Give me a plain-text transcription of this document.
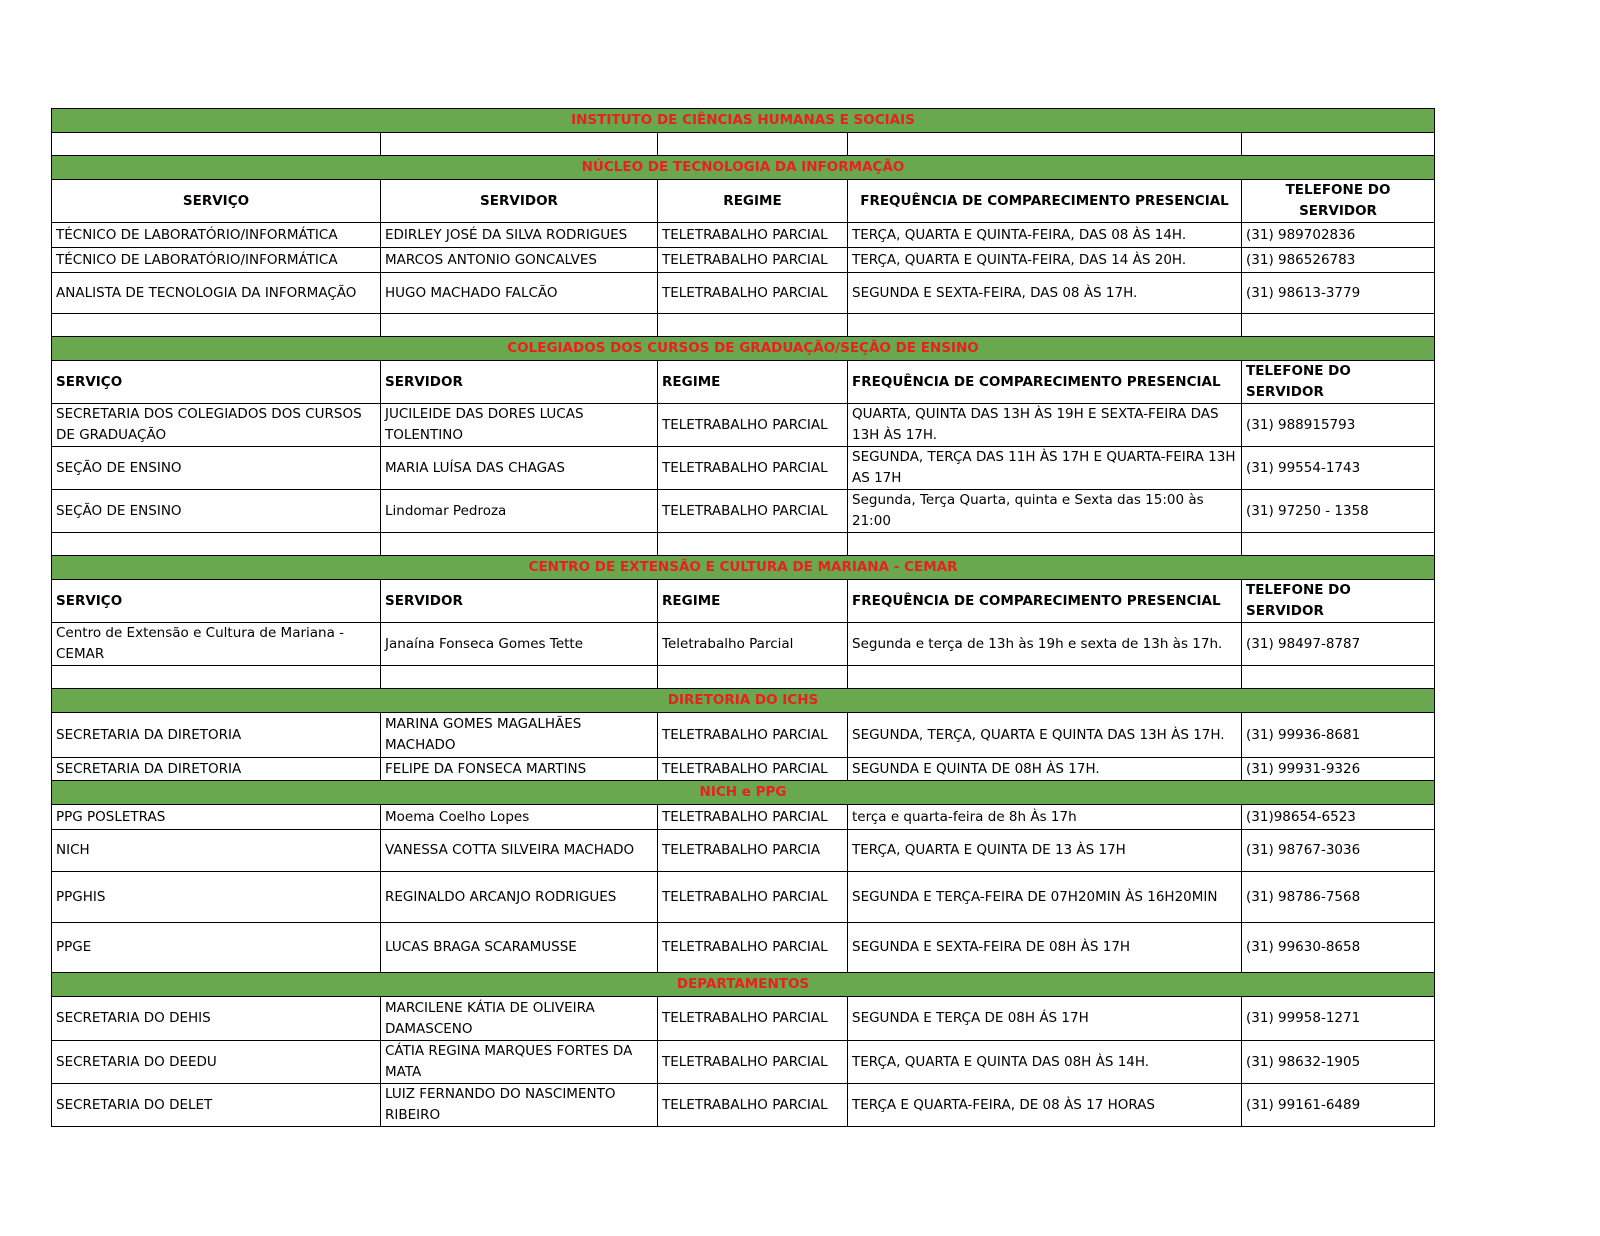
INSTITUTO DE CIÊNCIAS HUMANAS E SOCIAIS				

NÚCLEO DE TECNOLOGIA DA INFORMAÇÃO				
SERVIÇO	SERVIDOR	REGIME	FREQUÊNCIA DE COMPARECIMENTO PRESENCIAL	TELEFONE DO SERVIDOR
TÉCNICO DE LABORATÓRIO/INFORMÁTICA	EDIRLEY JOSÉ DA SILVA RODRIGUES	TELETRABALHO PARCIAL	TERÇA, QUARTA E QUINTA-FEIRA, DAS 08 ÀS 14H.	(31) 989702836
TÉCNICO DE LABORATÓRIO/INFORMÁTICA	MARCOS ANTONIO GONCALVES	TELETRABALHO PARCIAL	TERÇA, QUARTA E QUINTA-FEIRA, DAS 14 ÀS 20H.	(31) 986526783
ANALISTA DE TECNOLOGIA DA INFORMAÇÃO	HUGO MACHADO FALCÃO	TELETRABALHO PARCIAL	SEGUNDA E SEXTA-FEIRA, DAS 08 ÀS 17H.	(31) 98613-3779

COLEGIADOS DOS CURSOS DE GRADUAÇÃO/SEÇÃO DE ENSINO				
SERVIÇO	SERVIDOR	REGIME	FREQUÊNCIA DE COMPARECIMENTO PRESENCIAL	TELEFONE DO SERVIDOR
SECRETARIA DOS COLEGIADOS DOS CURSOS DE GRADUAÇÃO	JUCILEIDE DAS DORES LUCAS TOLENTINO	TELETRABALHO PARCIAL	QUARTA, QUINTA DAS 13H ÀS 19H E SEXTA-FEIRA DAS 13H ÀS 17H.	(31) 988915793
SEÇÃO DE ENSINO	MARIA LUÍSA DAS CHAGAS	TELETRABALHO PARCIAL	SEGUNDA, TERÇA DAS 11H ÀS 17H E QUARTA-FEIRA 13H AS 17H	(31) 99554-1743
SEÇÃO DE ENSINO	Lindomar Pedroza	TELETRABALHO PARCIAL	Segunda, Terça Quarta, quinta e Sexta das 15:00 às 21:00	(31) 97250 - 1358

CENTRO DE EXTENSÃO E CULTURA DE MARIANA - CEMAR				
SERVIÇO	SERVIDOR	REGIME	FREQUÊNCIA DE COMPARECIMENTO PRESENCIAL	TELEFONE DO SERVIDOR
Centro de Extensão e Cultura de Mariana - CEMAR	Janaína Fonseca Gomes Tette	Teletrabalho Parcial	Segunda e terça de 13h às 19h e sexta de 13h às 17h.	(31) 98497-8787

DIRETORIA DO ICHS				
SECRETARIA DA DIRETORIA	MARINA GOMES MAGALHÃES MACHADO	TELETRABALHO PARCIAL	SEGUNDA, TERÇA, QUARTA E QUINTA DAS 13H ÀS 17H.	(31) 99936-8681
SECRETARIA DA DIRETORIA	FELIPE DA FONSECA MARTINS	TELETRABALHO PARCIAL	SEGUNDA E QUINTA DE 08H ÀS 17H.	(31) 99931-9326
NICH e PPG				
PPG POSLETRAS	Moema Coelho Lopes	TELETRABALHO PARCIAL	terça e quarta-feira de 8h Às 17h	(31)98654-6523
NICH	VANESSA COTTA SILVEIRA MACHADO	TELETRABALHO PARCIA	TERÇA, QUARTA E QUINTA DE 13 ÀS 17H	(31) 98767-3036
PPGHIS	REGINALDO ARCANJO RODRIGUES	TELETRABALHO PARCIAL	SEGUNDA E TERÇA-FEIRA DE 07H20MIN ÀS 16H20MIN	(31) 98786-7568
PPGE	LUCAS BRAGA SCARAMUSSE	TELETRABALHO PARCIAL	SEGUNDA E SEXTA-FEIRA DE 08H ÀS 17H	(31) 99630-8658
DEPARTAMENTOS				
SECRETARIA DO DEHIS	MARCILENE KÁTIA DE OLIVEIRA DAMASCENO	TELETRABALHO PARCIAL	SEGUNDA E TERÇA DE 08H ÁS 17H	(31) 99958-1271
SECRETARIA DO DEEDU	CÁTIA REGINA MARQUES FORTES DA MATA	TELETRABALHO PARCIAL	TERÇA, QUARTA E QUINTA DAS 08H ÀS 14H.	(31) 98632-1905
SECRETARIA DO DELET	LUIZ FERNANDO DO NASCIMENTO RIBEIRO	TELETRABALHO PARCIAL	TERÇA E QUARTA-FEIRA, DE 08 ÀS 17 HORAS	(31) 99161-6489
